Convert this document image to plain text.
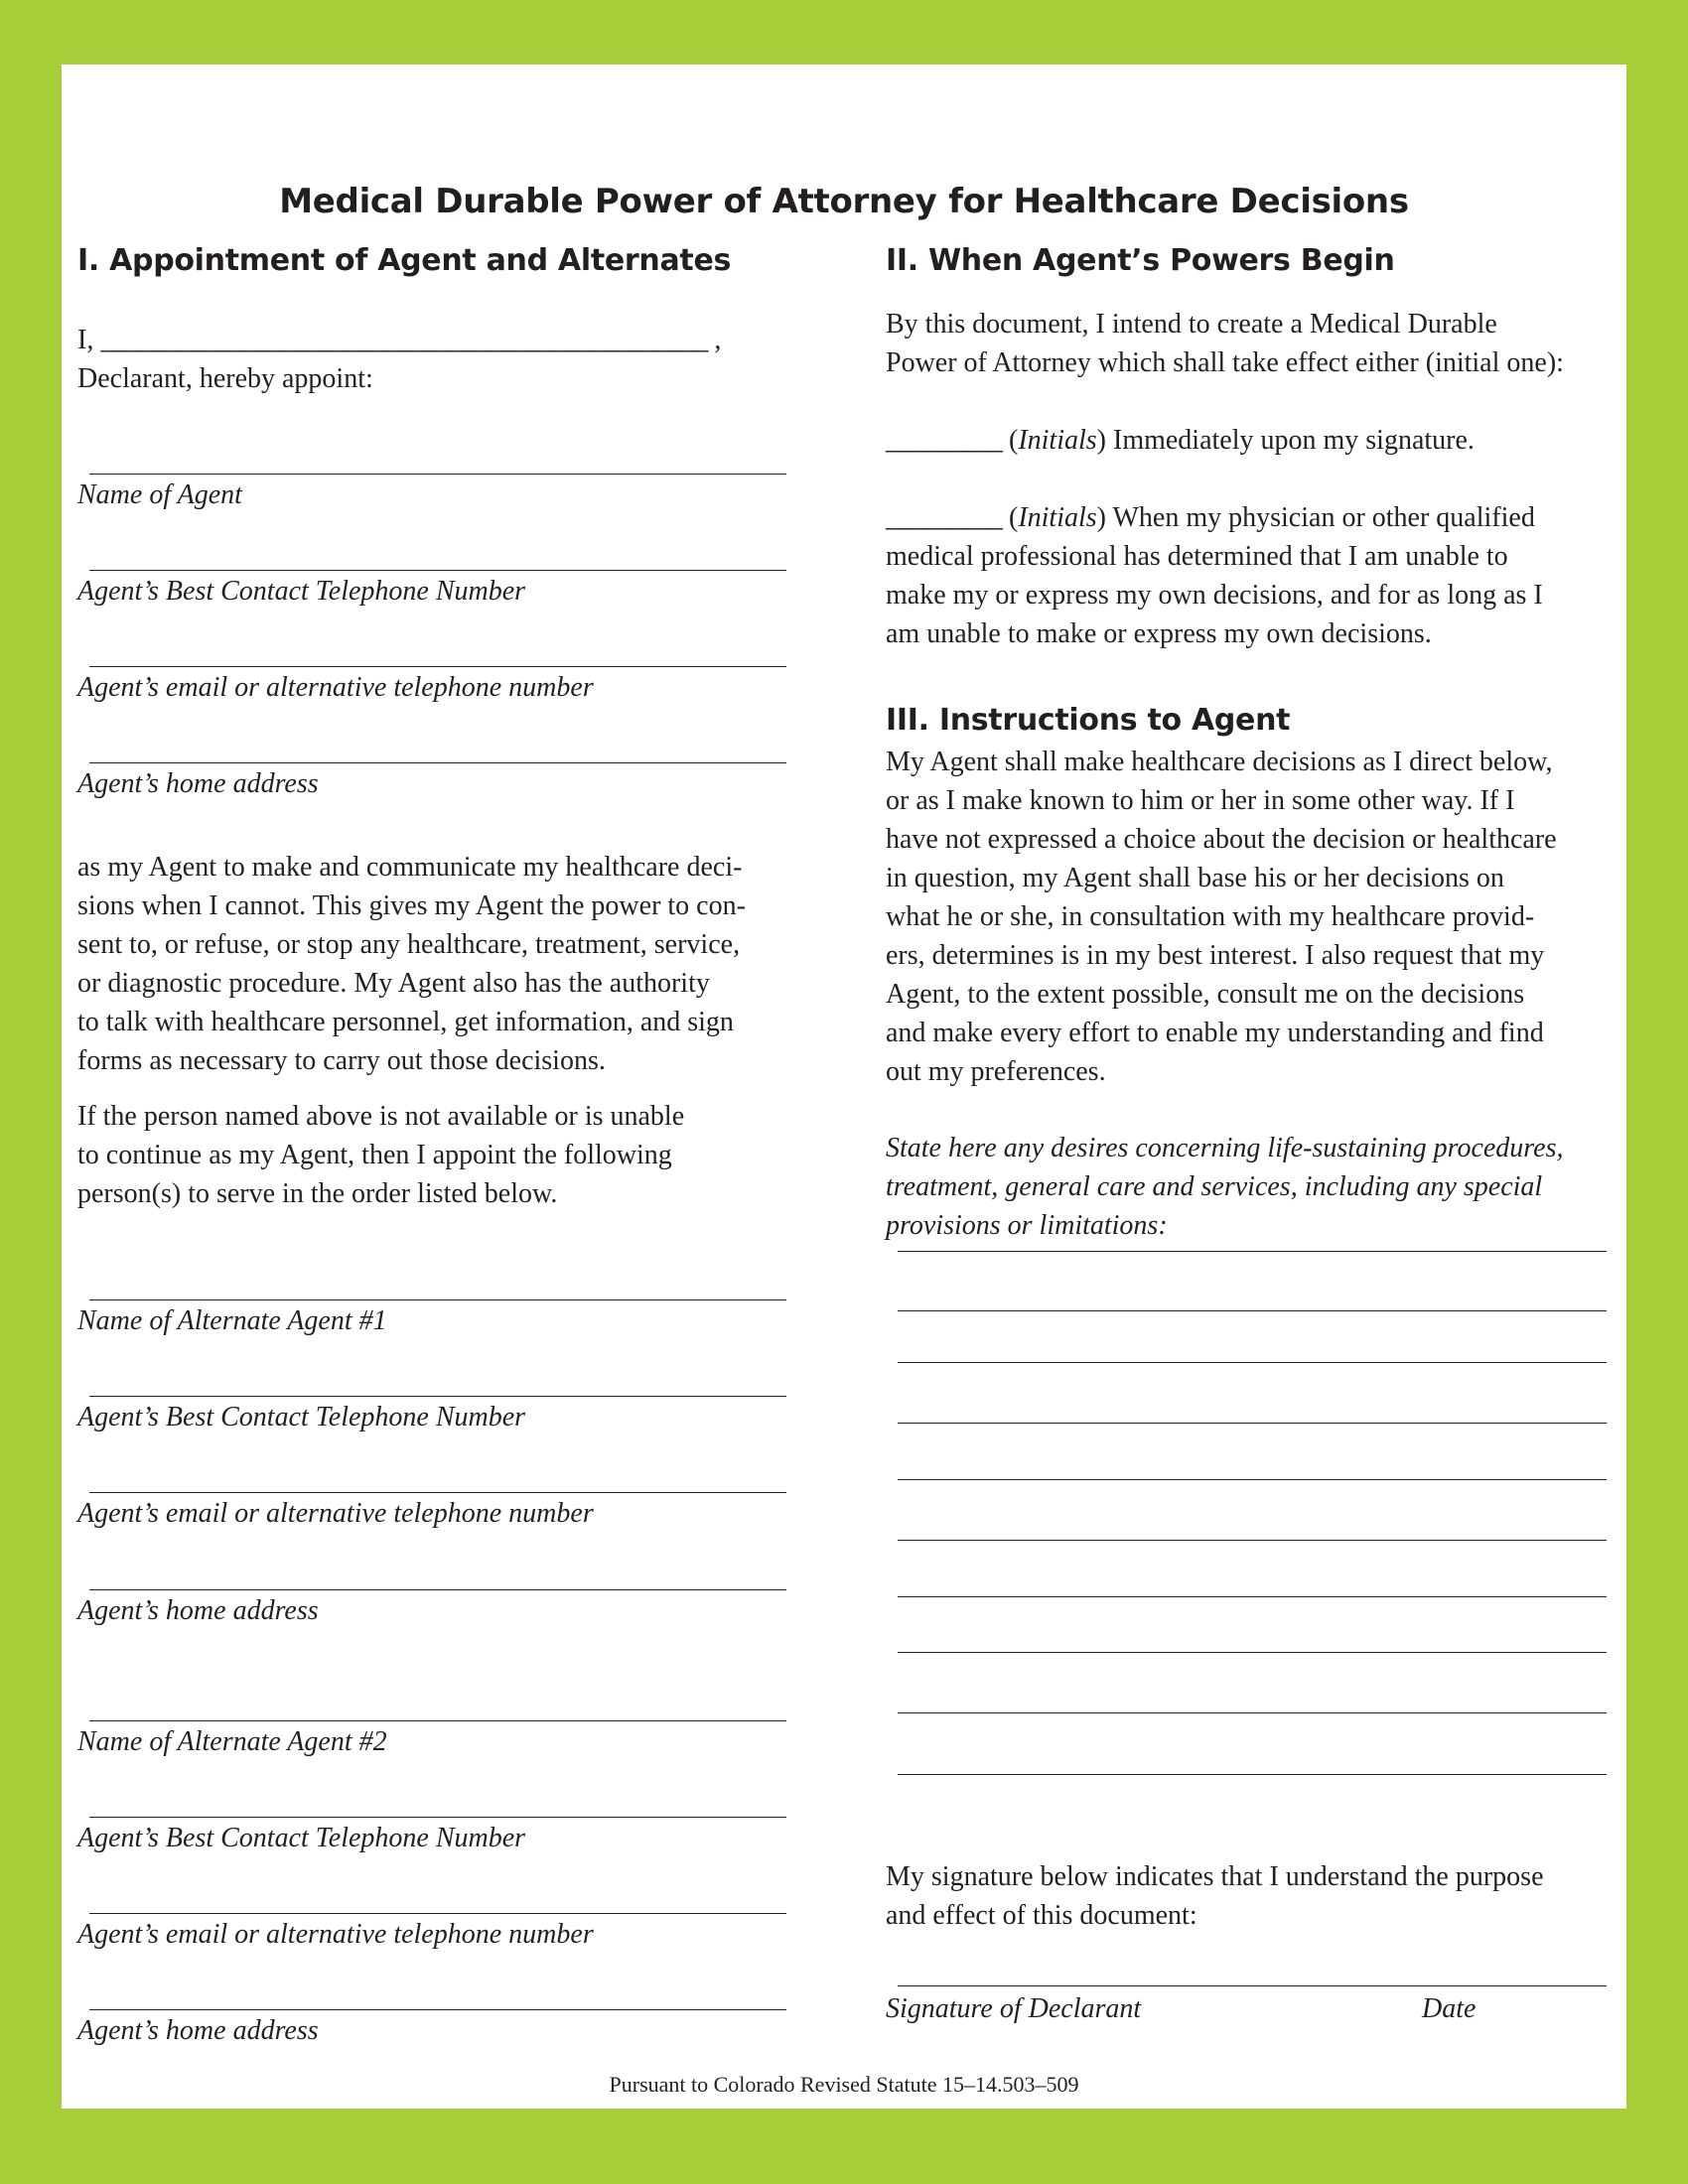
Medical Durable Power of Attorney for Healthcare Decisions
I. Appointment of Agent and Alternates
I, _______________________________________________ ,
Declarant, hereby appoint:
Name of Agent
Agent’s Best Contact Telephone Number
Agent’s email or alternative telephone number
Agent’s home address
as my Agent to make and communicate my healthcare deci-
sions when I cannot. This gives my Agent the power to con-
sent to, or refuse, or stop any healthcare, treatment, service,
or diagnostic procedure. My Agent also has the authority
to talk with healthcare personnel, get information, and sign
forms as necessary to carry out those decisions.
If the person named above is not available or is unable
to continue as my Agent, then I appoint the following
person(s) to serve in the order listed below.
Name of Alternate Agent #1
Agent’s Best Contact Telephone Number
Agent’s email or alternative telephone number
Agent’s home address
Name of Alternate Agent #2
Agent’s Best Contact Telephone Number
Agent’s email or alternative telephone number
Agent’s home address
II. When Agent’s Powers Begin
By this document, I intend to create a Medical Durable
Power of Attorney which shall take effect either (initial one):
_________ (Initials) Immediately upon my signature.
_________ (Initials) When my physician or other qualified
medical professional has determined that I am unable to
make my or express my own decisions, and for as long as I
am unable to make or express my own decisions.
III. Instructions to Agent
My Agent shall make healthcare decisions as I direct below,
or as I make known to him or her in some other way. If I
have not expressed a choice about the decision or healthcare
in question, my Agent shall base his or her decisions on
what he or she, in consultation with my healthcare provid-
ers, determines is in my best interest. I also request that my
Agent, to the extent possible, consult me on the decisions
and make every effort to enable my understanding and find
out my preferences.
State here any desires concerning life-sustaining procedures,
treatment, general care and services, including any special
provisions or limitations:
My signature below indicates that I understand the purpose
and effect of this document:
Signature of Declarant	Date
Pursuant to Colorado Revised Statute 15–14.503–509
